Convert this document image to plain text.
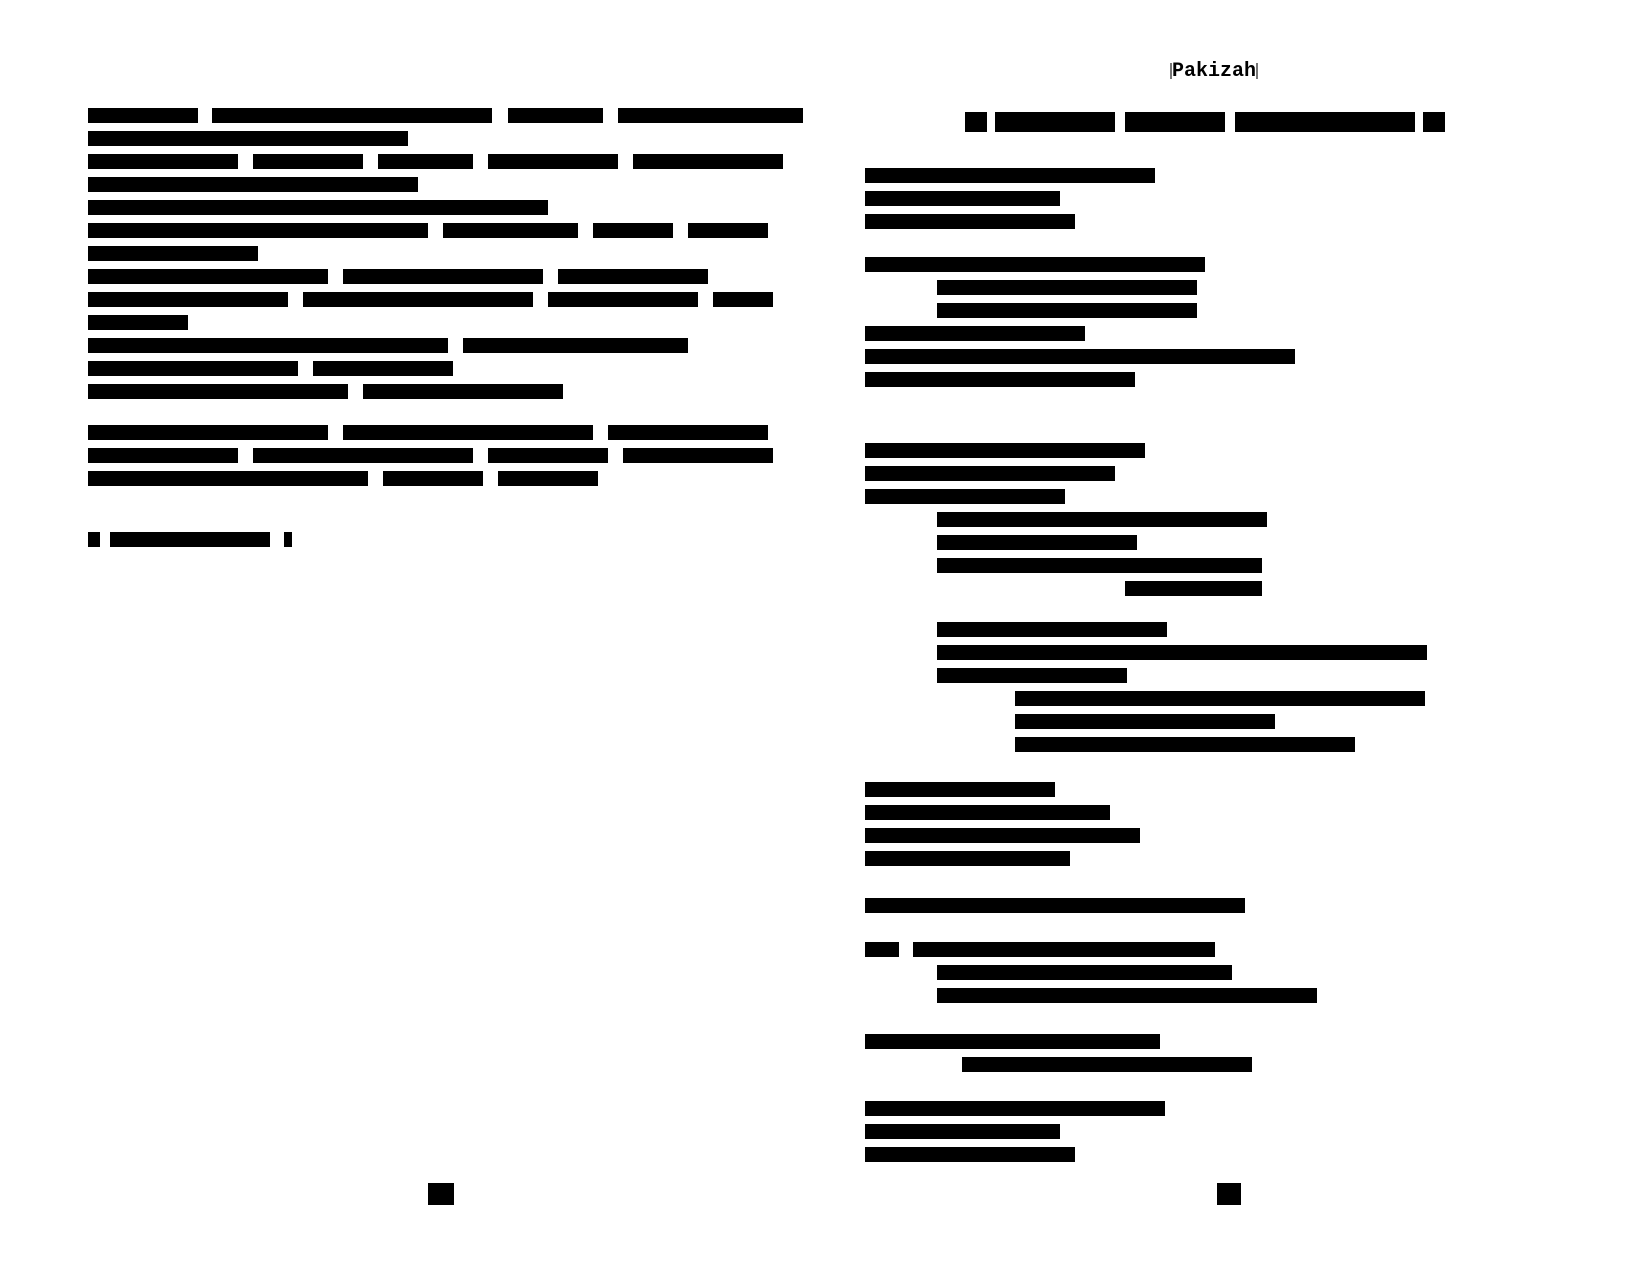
Pakizah
